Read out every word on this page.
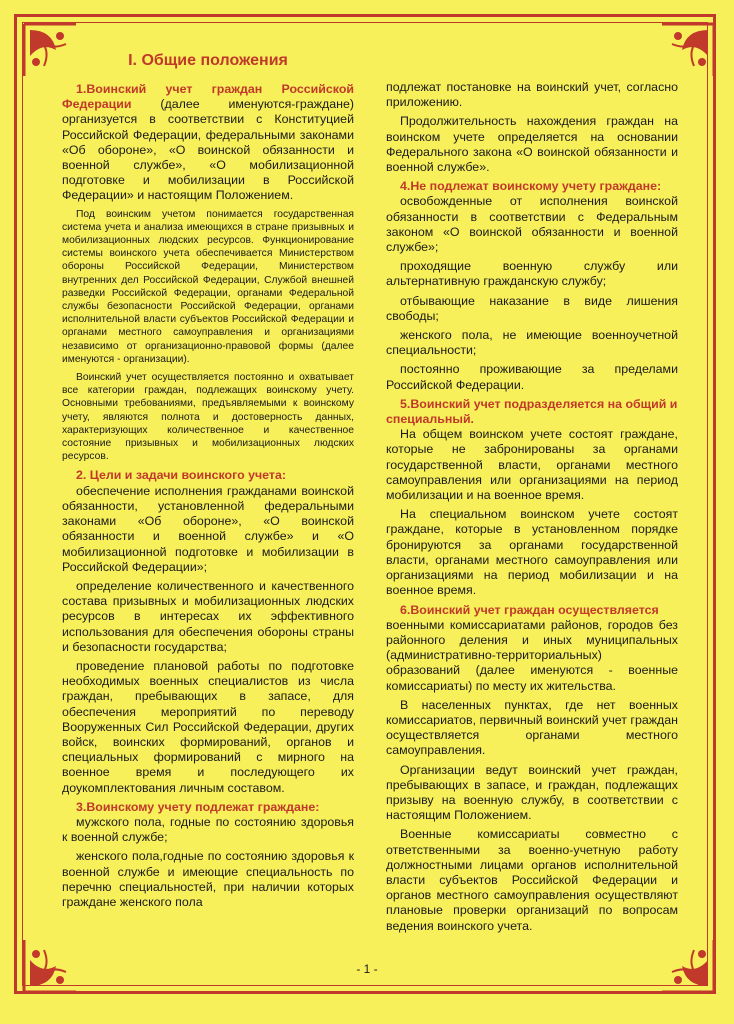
I. Общие положения

1.Воинский учет граждан Российской Федерации (далее именуются-граждане) организуется в соответствии с Конституцией Российской Федерации, федеральными законами «Об обороне», «О воинской обязанности и военной службе», «О мобилизационной подготовке и мобилизации в Российской Федерации» и настоящим Положением.

Под воинским учетом понимается государственная система учета и анализа имеющихся в стране призывных и мобилизационных людских ресурсов. Функционирование системы воинского учета обеспечивается Министерством обороны Российской Федерации, Министерством внутренних дел Российской Федерации, Службой внешней разведки Российской Федерации, органами Федеральной службы безопасности Российской Федерации, органами исполнительной власти субъектов Российской Федерации и органами местного самоуправления и организациями независимо от организационно-правовой формы (далее именуются - организации).

Воинский учет осуществляется постоянно и охватывает все категории граждан, подлежащих воинскому учету. Основными требованиями, предъявляемыми к воинскому учету, являются полнота и достоверность данных, характеризующих количественное и качественное состояние призывных и мобилизационных людских ресурсов.

2. Цели и задачи воинского учета:

обеспечение исполнения гражданами воинской обязанности, установленной федеральными законами «Об обороне», «О воинской обязанности и военной службе» и «О мобилизационной подготовке и мобилизации в Российской Федерации»;

определение количественного и качественного состава призывных и мобилизационных людских ресурсов в интересах их эффективного использования для обеспечения обороны страны и безопасности государства;

проведение плановой работы по подготовке необходимых военных специалистов из числа граждан, пребывающих в запасе, для обеспечения мероприятий по переводу Вооруженных Сил Российской Федерации, других войск, воинских формирований, органов и специальных формирований с мирного на военное время и последующего их доукомплектования личным составом.

3.Воинскому учету подлежат граждане:

мужского пола, годные по состоянию здоровья к военной службе;

женского пола,годные по состоянию здоровья к военной службе и имеющие специальность по перечню специальностей, при наличии которых граждане женского пола

подлежат постановке на воинский учет, согласно приложению.

Продолжительность нахождения граждан на воинском учете определяется на основании Федерального закона «О воинской обязанности и военной службе».

4.Не подлежат воинскому учету граждане:

освобожденные от исполнения воинской обязанности в соответствии с Федеральным законом «О воинской обязанности и военной службе»;

проходящие военную службу или альтернативную гражданскую службу;

отбывающие наказание в виде лишения свободы;

женского пола, не имеющие военноучетной специальности;

постоянно проживающие за пределами Российской Федерации.

5.Воинский учет подразделяется на общий и специальный.

На общем воинском учете состоят граждане, которые не забронированы за органами государственной власти, органами местного самоуправления или организациями на период мобилизации и на военное время.

На специальном воинском учете состоят граждане, которые в установленном порядке бронируются за органами государственной власти, органами местного самоуправления или организациями на период мобилизации и на военное время.

6.Воинский учет граждан осуществляется

военными комиссариатами районов, городов без районного деления и иных муниципальных (административно-территориальных) образований (далее именуются - военные комиссариаты) по месту их жительства.

В населенных пунктах, где нет военных комиссариатов, первичный воинский учет граждан осуществляется органами местного самоуправления.

Организации ведут воинский учет граждан, пребывающих в запасе, и граждан, подлежащих призыву на военную службу, в соответствии с настоящим Положением.

Военные комиссариаты совместно с ответственными за военно-учетную работу должностными лицами органов исполнительной власти субъектов Российской Федерации и органов местного самоуправления осуществляют плановые проверки организаций по вопросам ведения воинского учета.

- 1 -
